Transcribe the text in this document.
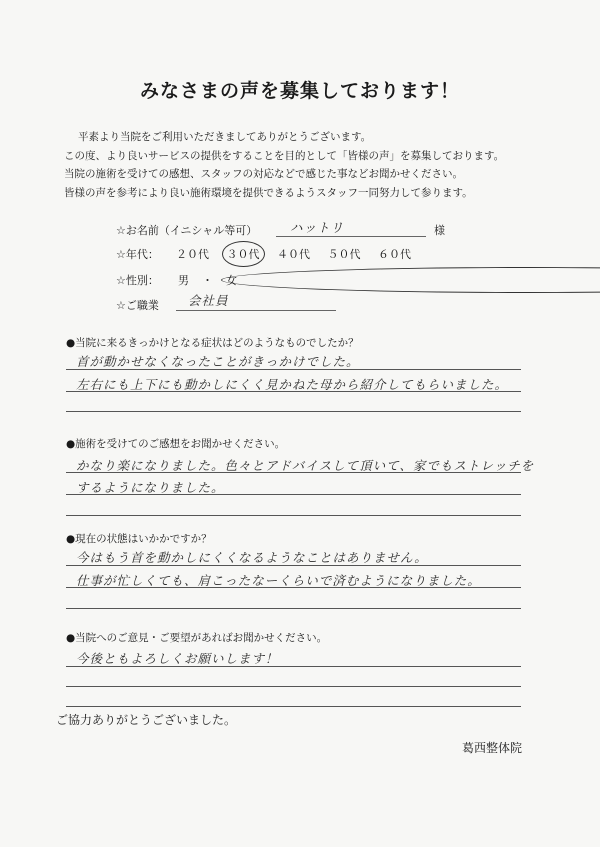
みなさまの声を募集しております！

平素より当院をご利用いただきましてありがとうございます。

この度、より良いサービスの提供をすることを目的として「皆様の声」を募集しております。

当院の施術を受けての感想、スタッフの対応などで感じた事などお聞かせください。

皆様の声を参考により良い施術環境を提供できるようスタッフ一同努力して参ります。

☆お名前（イニシャル等可）	ハットリ	様
☆年代： ２０代 ３０代 ４０代 ５０代 ６０代
☆性別： 男 ・ 女
☆ご職業 会社員
●当院に来るきっかけとなる症状はどのようなものでしたか？
首が動かせなくなったことがきっかけでした。
左右にも上下にも動かしにくく見かねた母から紹介してもらいました。
●施術を受けてのご感想をお聞かせください。
かなり楽になりました。色々とアドバイスして頂いて、家でもストレッチを
するようになりました。
●現在の状態はいかかですか？
今はもう首を動かしにくくなるようなことはありません。
仕事が忙しくても、肩こったなーくらいで済むようになりました。
●当院へのご意見・ご要望があればお聞かせください。
今後ともよろしくお願いします！
ご協力ありがとうございました。
葛西整体院
